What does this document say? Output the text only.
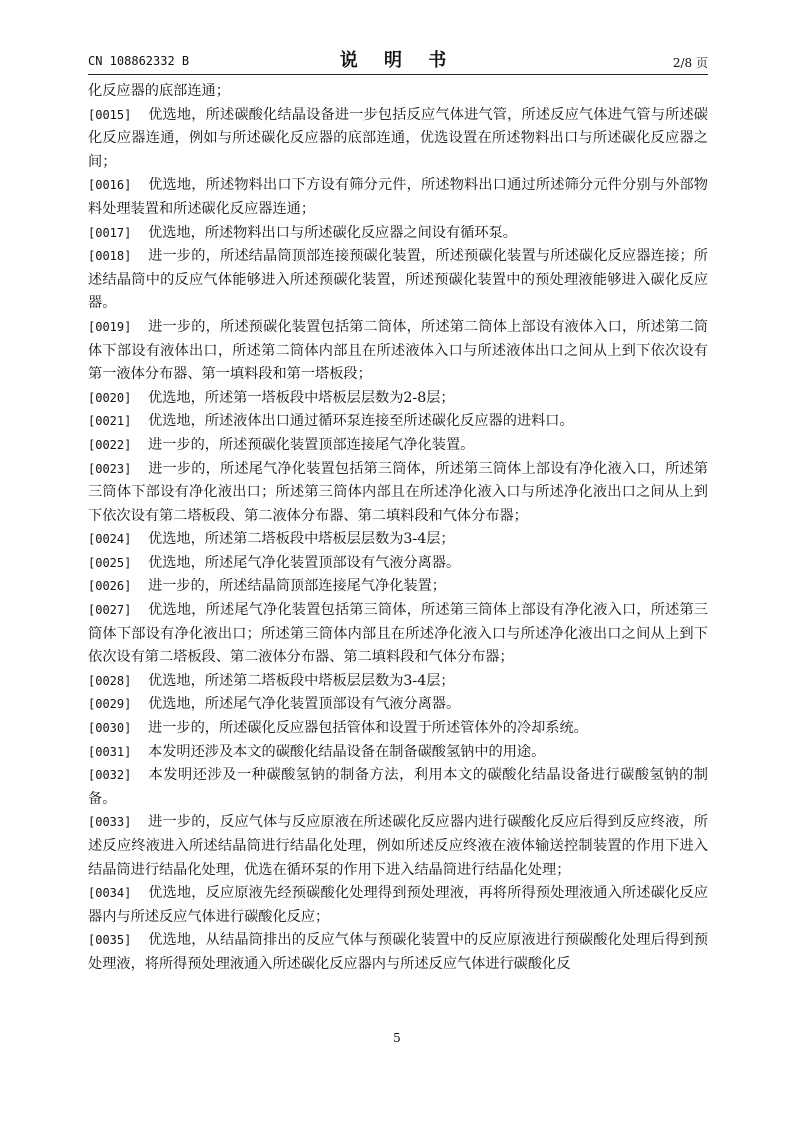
CN 108862332 B	说 明 书	2/8 页

化反应器的底部连通；

[0015] 优选地，所述碳酸化结晶设备进一步包括反应气体进气管，所述反应气体进气管与所述碳化反应器连通，例如与所述碳化反应器的底部连通，优选设置在所述物料出口与所述碳化反应器之间；

[0016] 优选地，所述物料出口下方设有筛分元件，所述物料出口通过所述筛分元件分别与外部物料处理装置和所述碳化反应器连通；

[0017] 优选地，所述物料出口与所述碳化反应器之间设有循环泵。

[0018] 进一步的，所述结晶筒顶部连接预碳化装置，所述预碳化装置与所述碳化反应器连接；所述结晶筒中的反应气体能够进入所述预碳化装置，所述预碳化装置中的预处理液能够进入碳化反应器。

[0019] 进一步的，所述预碳化装置包括第二筒体，所述第二筒体上部设有液体入口，所述第二筒体下部设有液体出口，所述第二筒体内部且在所述液体入口与所述液体出口之间从上到下依次设有第一液体分布器、第一填料段和第一塔板段；

[0020] 优选地，所述第一塔板段中塔板层层数为2-8层；

[0021] 优选地，所述液体出口通过循环泵连接至所述碳化反应器的进料口。

[0022] 进一步的，所述预碳化装置顶部连接尾气净化装置。

[0023] 进一步的，所述尾气净化装置包括第三筒体，所述第三筒体上部设有净化液入口，所述第三筒体下部设有净化液出口；所述第三筒体内部且在所述净化液入口与所述净化液出口之间从上到下依次设有第二塔板段、第二液体分布器、第二填料段和气体分布器；

[0024] 优选地，所述第二塔板段中塔板层层数为3-4层；

[0025] 优选地，所述尾气净化装置顶部设有气液分离器。

[0026] 进一步的，所述结晶筒顶部连接尾气净化装置；

[0027] 优选地，所述尾气净化装置包括第三筒体，所述第三筒体上部设有净化液入口，所述第三筒体下部设有净化液出口；所述第三筒体内部且在所述净化液入口与所述净化液出口之间从上到下依次设有第二塔板段、第二液体分布器、第二填料段和气体分布器；

[0028] 优选地，所述第二塔板段中塔板层层数为3-4层；

[0029] 优选地，所述尾气净化装置顶部设有气液分离器。

[0030] 进一步的，所述碳化反应器包括管体和设置于所述管体外的冷却系统。

[0031] 本发明还涉及本文的碳酸化结晶设备在制备碳酸氢钠中的用途。

[0032] 本发明还涉及一种碳酸氢钠的制备方法，利用本文的碳酸化结晶设备进行碳酸氢钠的制备。

[0033] 进一步的，反应气体与反应原液在所述碳化反应器内进行碳酸化反应后得到反应终液，所述反应终液进入所述结晶筒进行结晶化处理，例如所述反应终液在液体输送控制装置的作用下进入结晶筒进行结晶化处理，优选在循环泵的作用下进入结晶筒进行结晶化处理；

[0034] 优选地，反应原液先经预碳酸化处理得到预处理液，再将所得预处理液通入所述碳化反应器内与所述反应气体进行碳酸化反应；

[0035] 优选地，从结晶筒排出的反应气体与预碳化装置中的反应原液进行预碳酸化处理后得到预处理液，将所得预处理液通入所述碳化反应器内与所述反应气体进行碳酸化反

5
